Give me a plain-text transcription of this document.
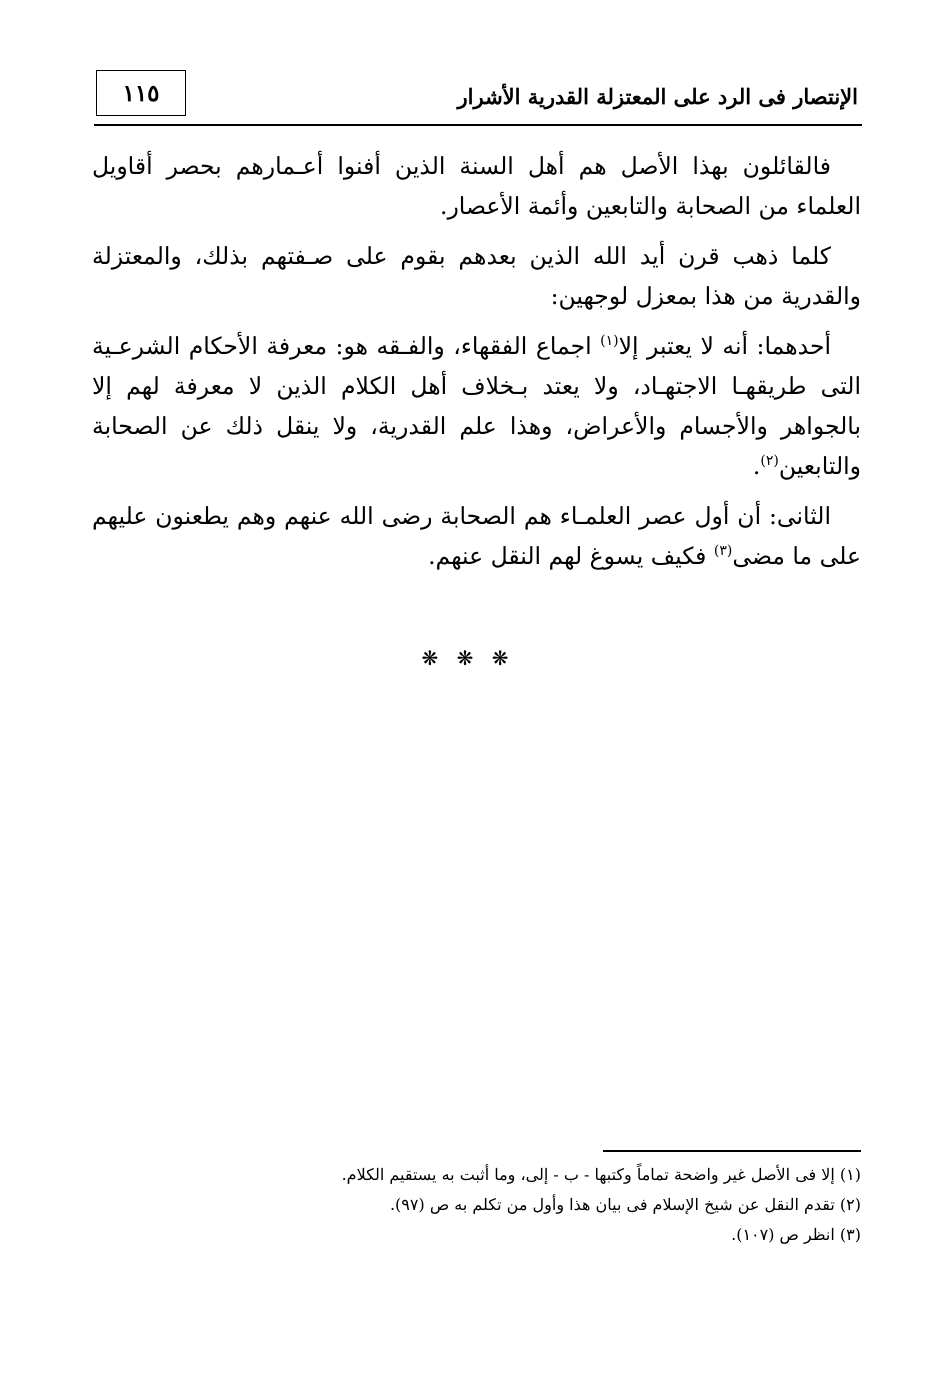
الإنتصار فى الرد على المعتزلة القدرية الأشرار
١١٥

فالقائلون بهذا الأصل هم أهل السنة الذين أفنوا أعـمارهم بحصر أقاويل العلماء من الصحابة والتابعين وأئمة الأعصار.

كلما ذهب قرن أيد الله الذين بعدهم بقوم على صـفتهم بذلك، والمعتزلة والقدرية من هذا بمعزل لوجهين:

أحدهما: أنه لا يعتبر إلا$^{(١)}$ اجماع الفقهاء، والفـقه هو: معرفة الأحكام الشرعـية التى طريقهـا الاجتهـاد، ولا يعتد بـخلاف أهل الكلام الذين لا معرفة لهم إلا بالجواهر والأجسام والأعراض، وهذا علم القدرية، ولا ينقل ذلك عن الصحابة والتابعين$^{(٢)}$.

الثانى: أن أول عصر العلمـاء هم الصحابة رضى الله عنهم وهم يطعنون عليهم على ما مضى$^{(٣)}$ فكيف يسوغ لهم النقل عنهم.

❋ ❋ ❋

(١) إلا فى الأصل غير واضحة تماماً وكتبها - ب - إلى، وما أثبت به يستقيم الكلام.

(٢) تقدم النقل عن شيخ الإسلام فى بيان هذا وأول من تكلم به ص (٩٧).

(٣) انظر ص (١٠٧).
